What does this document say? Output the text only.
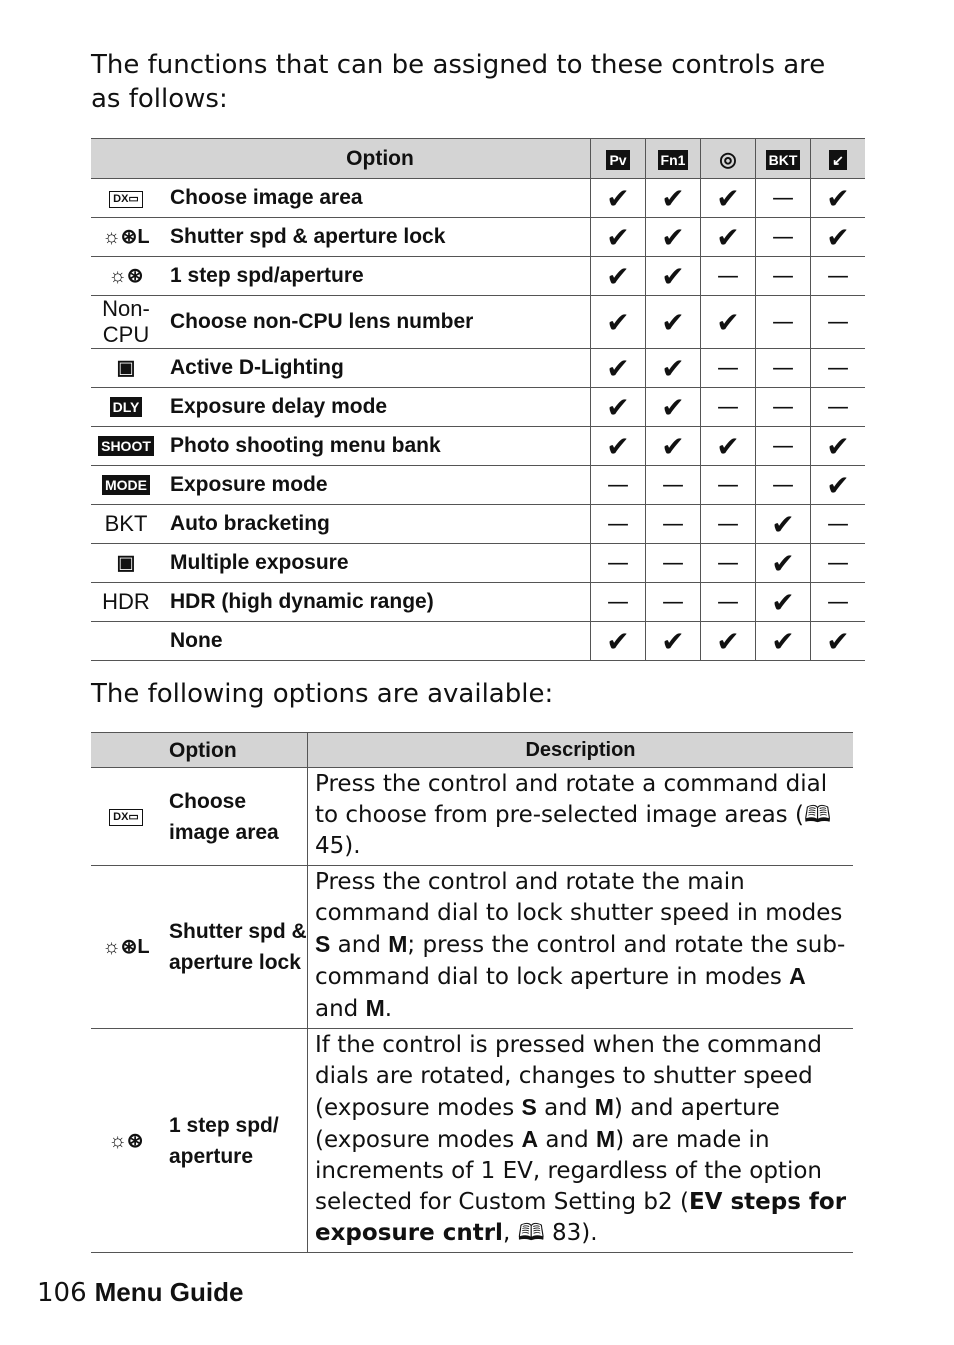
The functions that can be assigned to these controls are as follows:

	Option	Pv	Fn1	◎	BKT	↙
DX▭	Choose image area	✔	✔	✔	—	✔
☼⊛L	Shutter spd & aperture lock	✔	✔	✔	—	✔
☼⊛	1 step spd/aperture	✔	✔	—	—	—
Non-CPU	Choose non-CPU lens number	✔	✔	✔	—	—
▣	Active D-Lighting	✔	✔	—	—	—
DLY	Exposure delay mode	✔	✔	—	—	—
SHOOT	Photo shooting menu bank	✔	✔	✔	—	✔
MODE	Exposure mode	—	—	—	—	✔
BKT	Auto bracketing	—	—	—	✔	—
▣	Multiple exposure	—	—	—	✔	—
HDR	HDR (high dynamic range)	—	—	—	✔	—
	None	✔	✔	✔	✔	✔

The following options are available:

	Option	Description
DX▭	Choose image area	Press the control and rotate a command dial to choose from pre-selected image areas (🕮 45).
☼⊛L	Shutter spd & aperture lock	Press the control and rotate the main command dial to lock shutter speed in modes S and M; press the control and rotate the sub-command dial to lock aperture in modes A and M.
☼⊛	1 step spd/ aperture	If the control is pressed when the command dials are rotated, changes to shutter speed (exposure modes S and M) and aperture (exposure modes A and M) are made in increments of 1 EV, regardless of the option selected for Custom Setting b2 (EV steps for exposure cntrl, 🕮 83).
106 Menu Guide
